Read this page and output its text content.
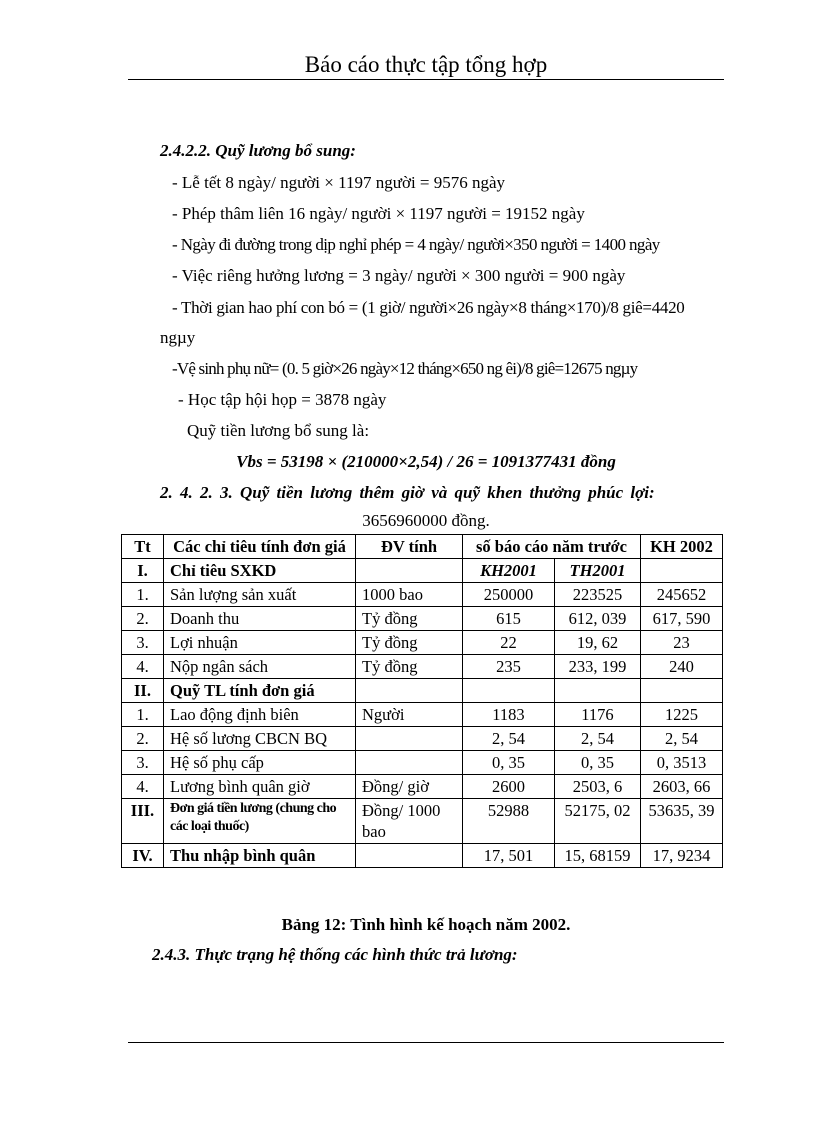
Báo cáo thực tập tổng hợp
2.4.2.2. Quỹ lương bổ sung:
- Lễ tết 8 ngày/ người × 1197 người = 9576 ngày
- Phép thâm liên 16 ngày/ người × 1197 người = 19152 ngày
- Ngày đi đường trong dịp nghỉ phép = 4 ngày/ người×350 người = 1400 ngày
- Việc riêng hưởng lương = 3 ngày/ người × 300 người = 900 ngày
- Thời gian hao phí con bó = (1 giờ/ người×26 ngày×8 tháng×170)/8 giê=4420
ngµy
-Vệ sinh phụ nữ= (0. 5 giờ×26 ngày×12 tháng×650 ng êi)/8 giê=12675 ngµy
- Học tập hội họp = 3878 ngày
Quỹ tiền lương bổ sung là:
Vbs = 53198 × (210000×2,54) / 26 = 1091377431 đồng
2. 4. 2. 3. Quỹ tiền lương thêm giờ và quỹ khen thưởng phúc lợi:
3656960000 đồng.
Tt	Các chỉ tiêu tính đơn giá	ĐV tính	số báo cáo năm trước		KH 2002
I.	Chỉ tiêu SXKD		KH2001	TH2001	
1.	Sản lượng sản xuất	1000 bao	250000	223525	245652
2.	Doanh thu	Tỷ đồng	615	612, 039	617, 590
3.	Lợi nhuận	Tỷ đồng	22	19, 62	23
4.	Nộp ngân sách	Tỷ đồng	235	233, 199	240
II.	Quỹ TL tính đơn giá				
1.	Lao động định biên	Người	1183	1176	1225
2.	Hệ số lương CBCN BQ		2, 54	2, 54	2, 54
3.	Hệ số phụ cấp		0, 35	0, 35	0, 3513
4.	Lương bình quân giờ	Đồng/ giờ	2600	2503, 6	2603, 66
III.	Đơn giá tiền lương (chung cho các loại thuốc)	Đồng/ 1000 bao	52988	52175, 02	53635, 39
IV.	Thu nhập bình quân		17, 501	15, 68159	17, 9234
Bảng 12: Tình hình kế hoạch năm 2002.
2.4.3. Thực trạng hệ thống các hình thức trả lương:
